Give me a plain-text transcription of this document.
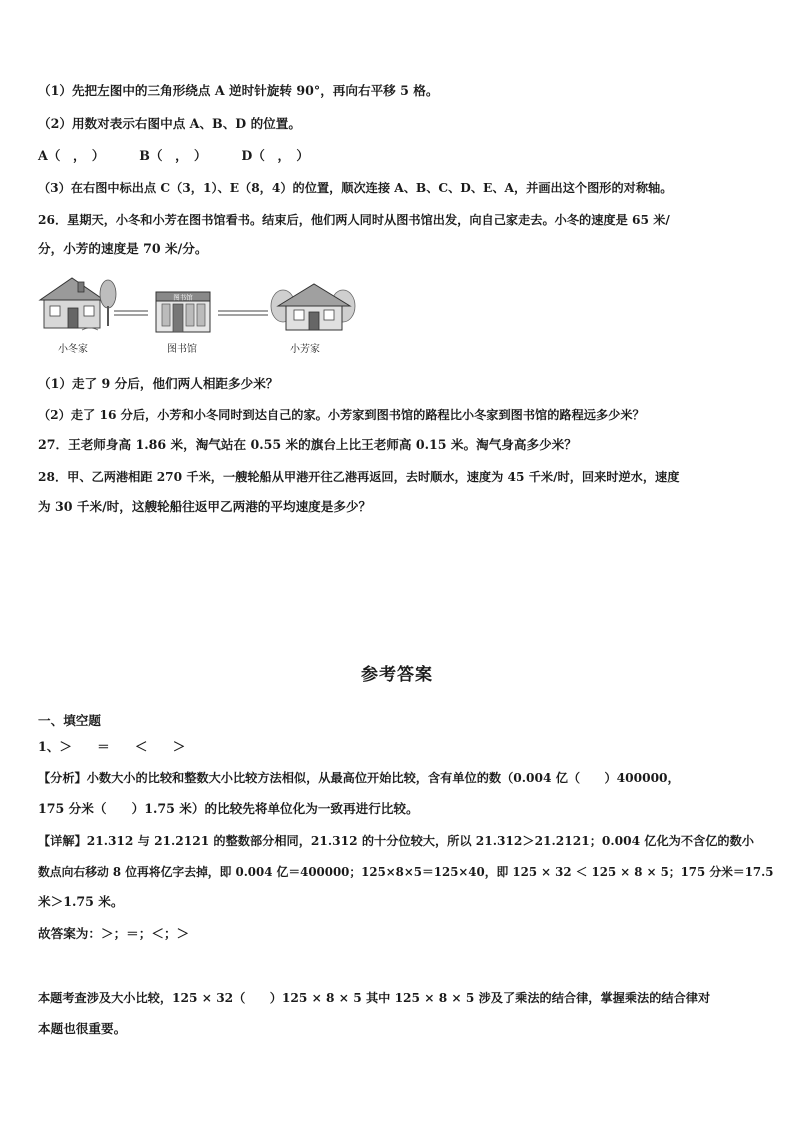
（1）先把左图中的三角形绕点 A 逆时针旋转 90°，再向右平移 5 格。
（2）用数对表示右图中点 A、B、D 的位置。
A（　，　）	B（　，　）	D（　，　）
（3）在右图中标出点 C（3，1）、E（8，4）的位置，顺次连接 A、B、C、D、E、A，并画出这个图形的对称轴。
26．星期天，小冬和小芳在图书馆看书。结束后，他们两人同时从图书馆出发，向自己家走去。小冬的速度是 65 米/
分，小芳的速度是 70 米/分。
图书馆
小冬家	图书馆	小芳家
（1）走了 9 分后，他们两人相距多少米？
（2）走了 16 分后，小芳和小冬同时到达自己的家。小芳家到图书馆的路程比小冬家到图书馆的路程远多少米？
27．王老师身高 1.86 米，淘气站在 0.55 米的旗台上比王老师高 0.15 米。淘气身高多少米？
28．甲、乙两港相距 270 千米，一艘轮船从甲港开往乙港再返回，去时顺水，速度为 45 千米/时，回来时逆水，速度
为 30 千米/时，这艘轮船往返甲乙两港的平均速度是多少？
参考答案
一、填空题
1、＞　　＝　　＜　　＞
【分析】小数大小的比较和整数大小比较方法相似，从最高位开始比较，含有单位的数（0.004 亿（　　）400000，
175 分米（　　）1.75 米）的比较先将单位化为一致再进行比较。
【详解】21.312 与 21.2121 的整数部分相同，21.312 的十分位较大，所以 21.312＞21.2121；0.004 亿化为不含亿的数小
数点向右移动 8 位再将亿字去掉，即 0.004 亿＝400000；125×8×5＝125×40，即 125 × 32 ＜ 125 × 8 × 5；175 分米＝17.5
米＞1.75 米。
故答案为：＞；＝；＜；＞
本题考查涉及大小比较，125 × 32（　　）125 × 8 × 5 其中 125 × 8 × 5 涉及了乘法的结合律，掌握乘法的结合律对
本题也很重要。
